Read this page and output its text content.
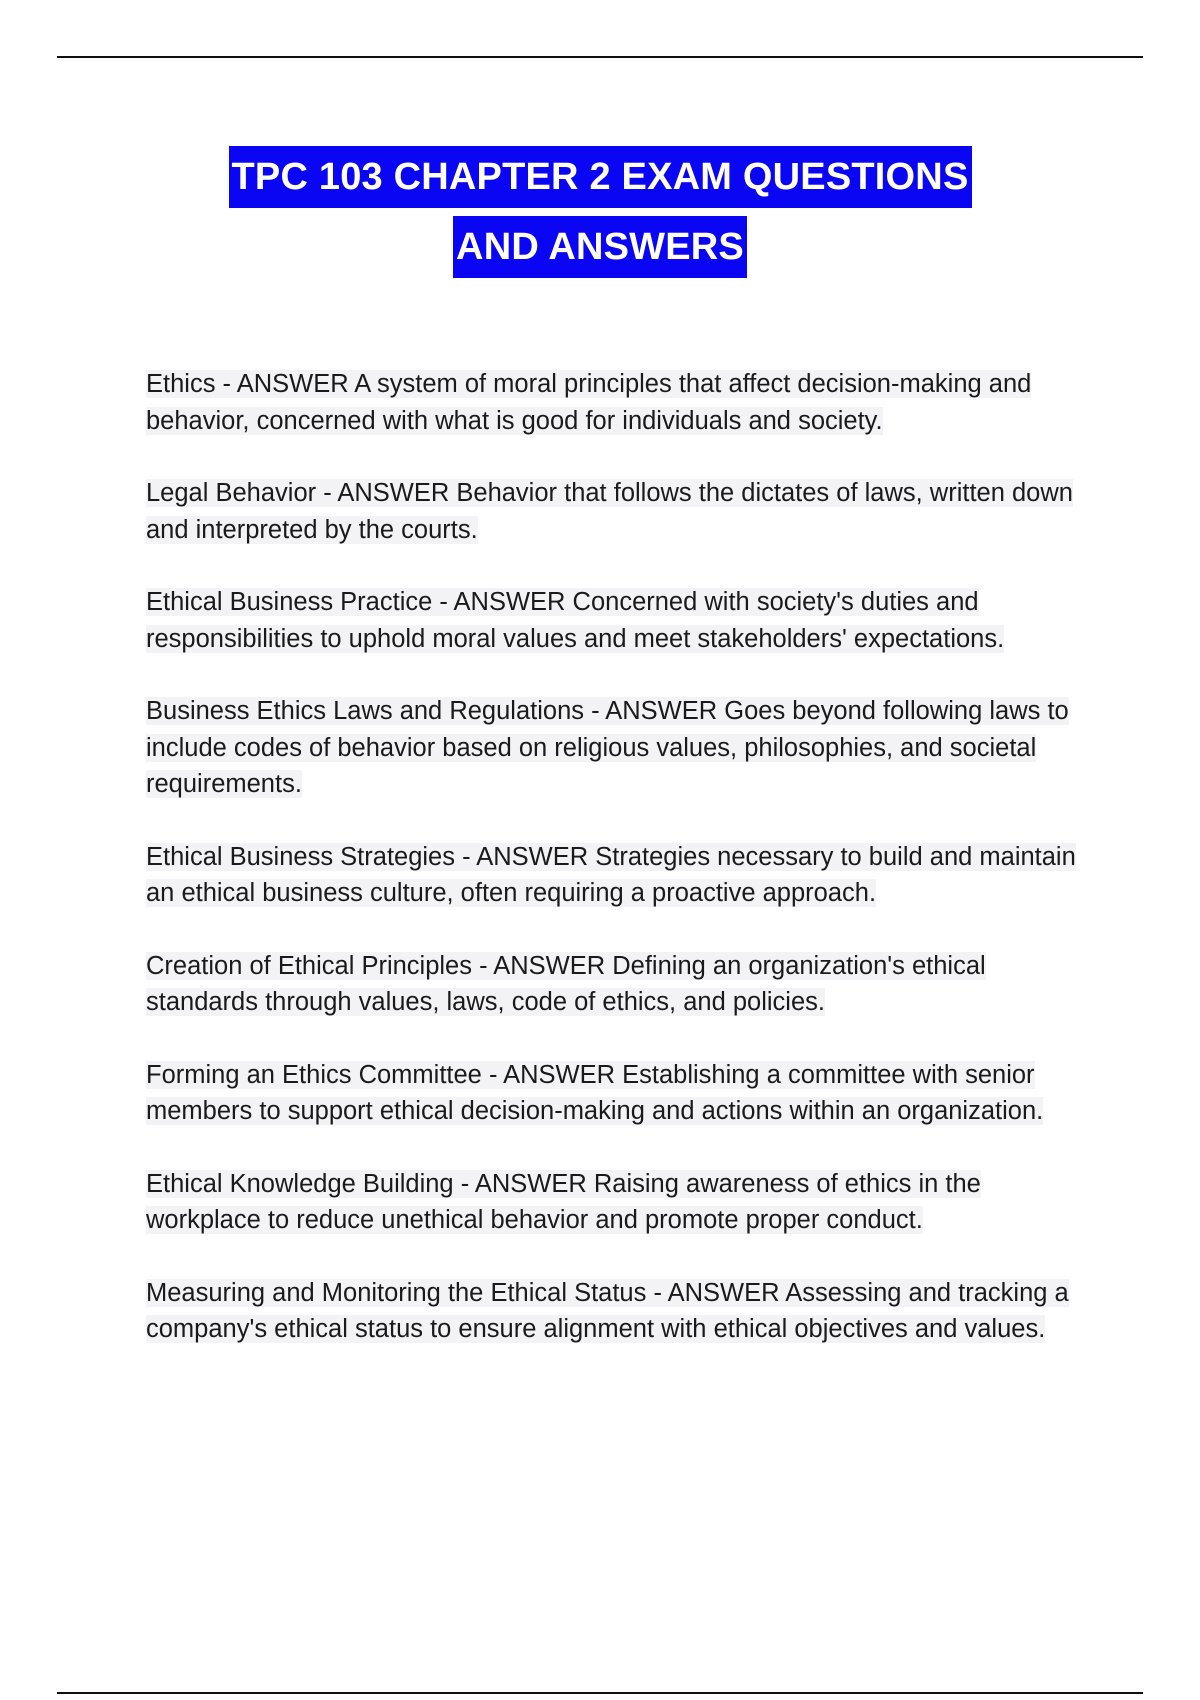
TPC 103 CHAPTER 2 EXAM QUESTIONS
AND ANSWERS

Ethics - ANSWER A system of moral principles that affect decision-making and behavior, concerned with what is good for individuals and society.

Legal Behavior - ANSWER Behavior that follows the dictates of laws, written down and interpreted by the courts.

Ethical Business Practice - ANSWER Concerned with society's duties and responsibilities to uphold moral values and meet stakeholders' expectations.

Business Ethics Laws and Regulations - ANSWER Goes beyond following laws to include codes of behavior based on religious values, philosophies, and societal requirements.

Ethical Business Strategies - ANSWER Strategies necessary to build and maintain an ethical business culture, often requiring a proactive approach.

Creation of Ethical Principles - ANSWER Defining an organization's ethical standards through values, laws, code of ethics, and policies.

Forming an Ethics Committee - ANSWER Establishing a committee with senior members to support ethical decision-making and actions within an organization.

Ethical Knowledge Building - ANSWER Raising awareness of ethics in the workplace to reduce unethical behavior and promote proper conduct.

Measuring and Monitoring the Ethical Status - ANSWER Assessing and tracking a company's ethical status to ensure alignment with ethical objectives and values.
